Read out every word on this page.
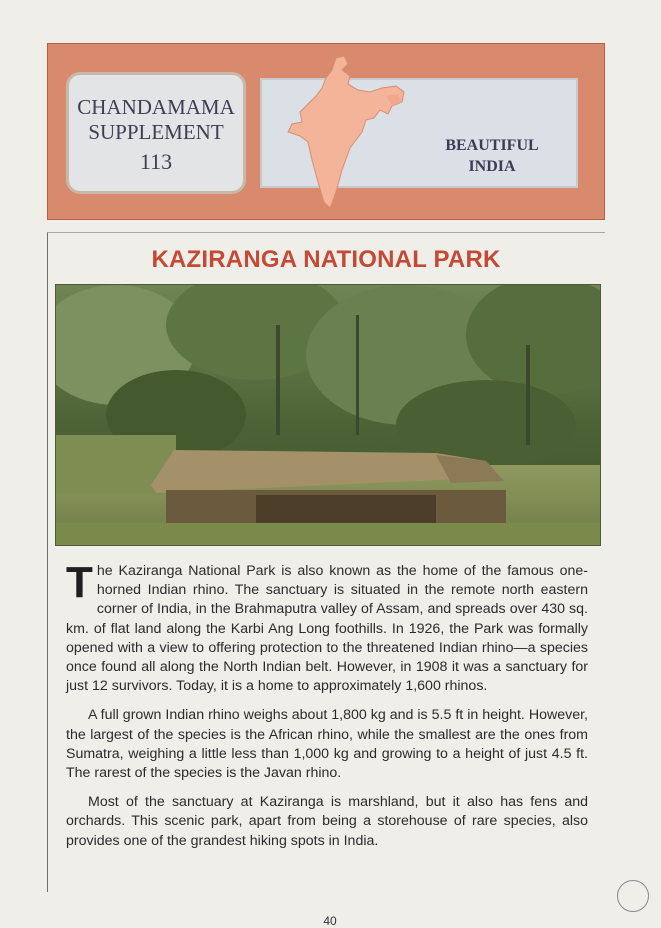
CHANDAMAMA
SUPPLEMENT
113
BEAUTIFUL
INDIA
KAZIRANGA NATIONAL PARK

The Kaziranga National Park is also known as the home of the famous one-horned Indian rhino. The sanctuary is situated in the remote north eastern corner of India, in the Brahmaputra valley of Assam, and spreads over 430 sq. km. of flat land along the Karbi Ang Long foothills. In 1926, the Park was formally opened with a view to offering protection to the threatened Indian rhino—a species once found all along the North Indian belt. However, in 1908 it was a sanctuary for just 12 survivors. Today, it is a home to approximately 1,600 rhinos.

A full grown Indian rhino weighs about 1,800 kg and is 5.5 ft in height. However, the largest of the species is the African rhino, while the smallest are the ones from Sumatra, weighing a little less than 1,000 kg and growing to a height of just 4.5 ft. The rarest of the species is the Javan rhino.

Most of the sanctuary at Kaziranga is marshland, but it also has fens and orchards. This scenic park, apart from being a storehouse of rare species, also provides one of the grandest hiking spots in India.

40
